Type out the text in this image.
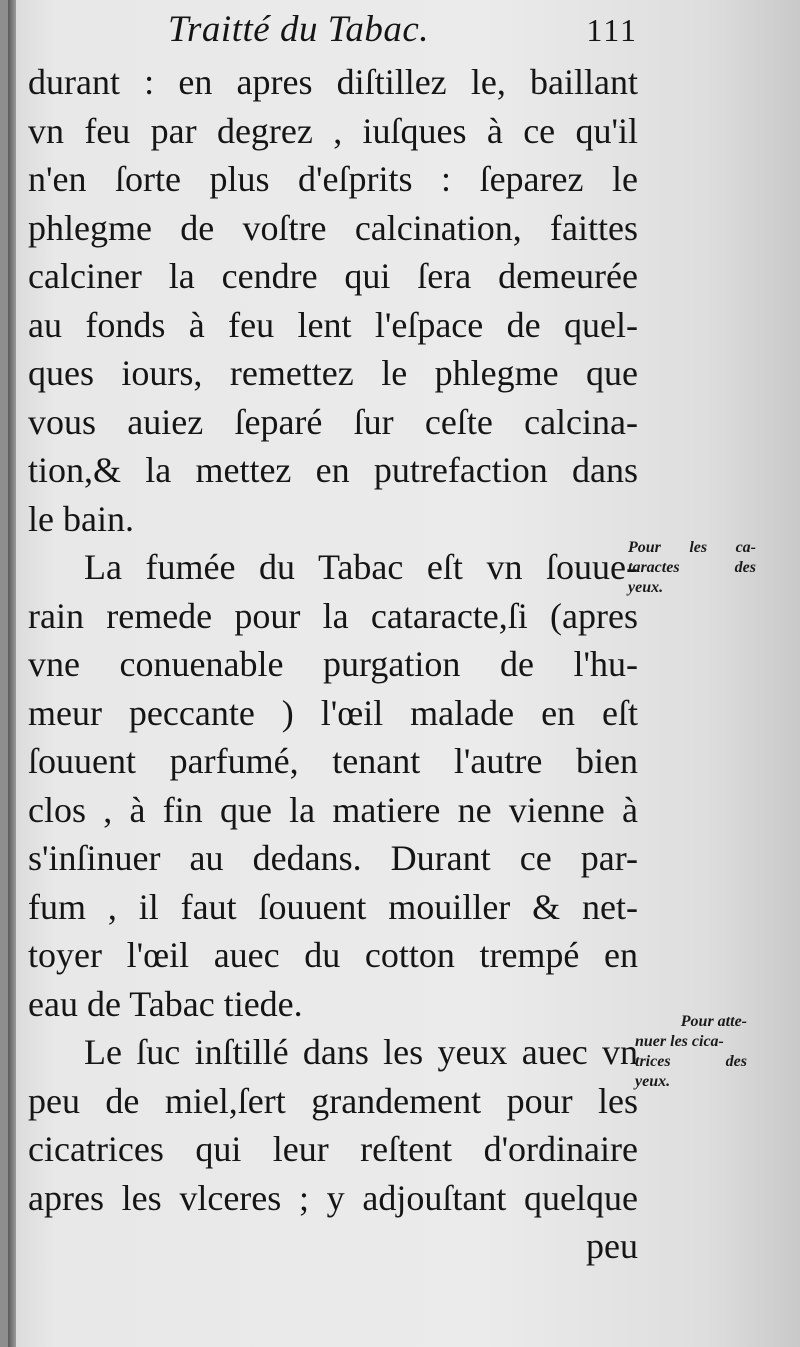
Traitté du Tabac.	111
durant : en apres diſtillez le, baillant
vn feu par degrez , iuſques à ce qu'il
n'en ſorte plus d'eſprits : ſeparez le
phlegme de voſtre calcination, faittes
calciner la cendre qui ſera demeurée
au fonds à feu lent l'eſpace de quel-
ques iours, remettez le phlegme que
vous auiez ſeparé ſur ceſte calcina-
tion,& la mettez en putrefaction dans
le bain.
La fumée du Tabac eſt vn ſouue-
rain remede pour la cataracte,ſi (apres
vne conuenable purgation de l'hu-
meur peccante ) l'œil malade en eſt
ſouuent parfumé, tenant l'autre bien
clos , à fin que la matiere ne vienne à
s'inſinuer au dedans. Durant ce par-
fum , il faut ſouuent mouiller & net-
toyer l'œil auec du cotton trempé en
eau de Tabac tiede.
Le ſuc inſtillé dans les yeux auec vn
peu de miel,ſert grandement pour les
cicatrices qui leur reſtent d'ordinaire
apres les vlceres ; y adjouſtant quelque
peu
Pour les ca-
taractes des
yeux.
Pour atte-
nuer les cica-
trices des
yeux.
